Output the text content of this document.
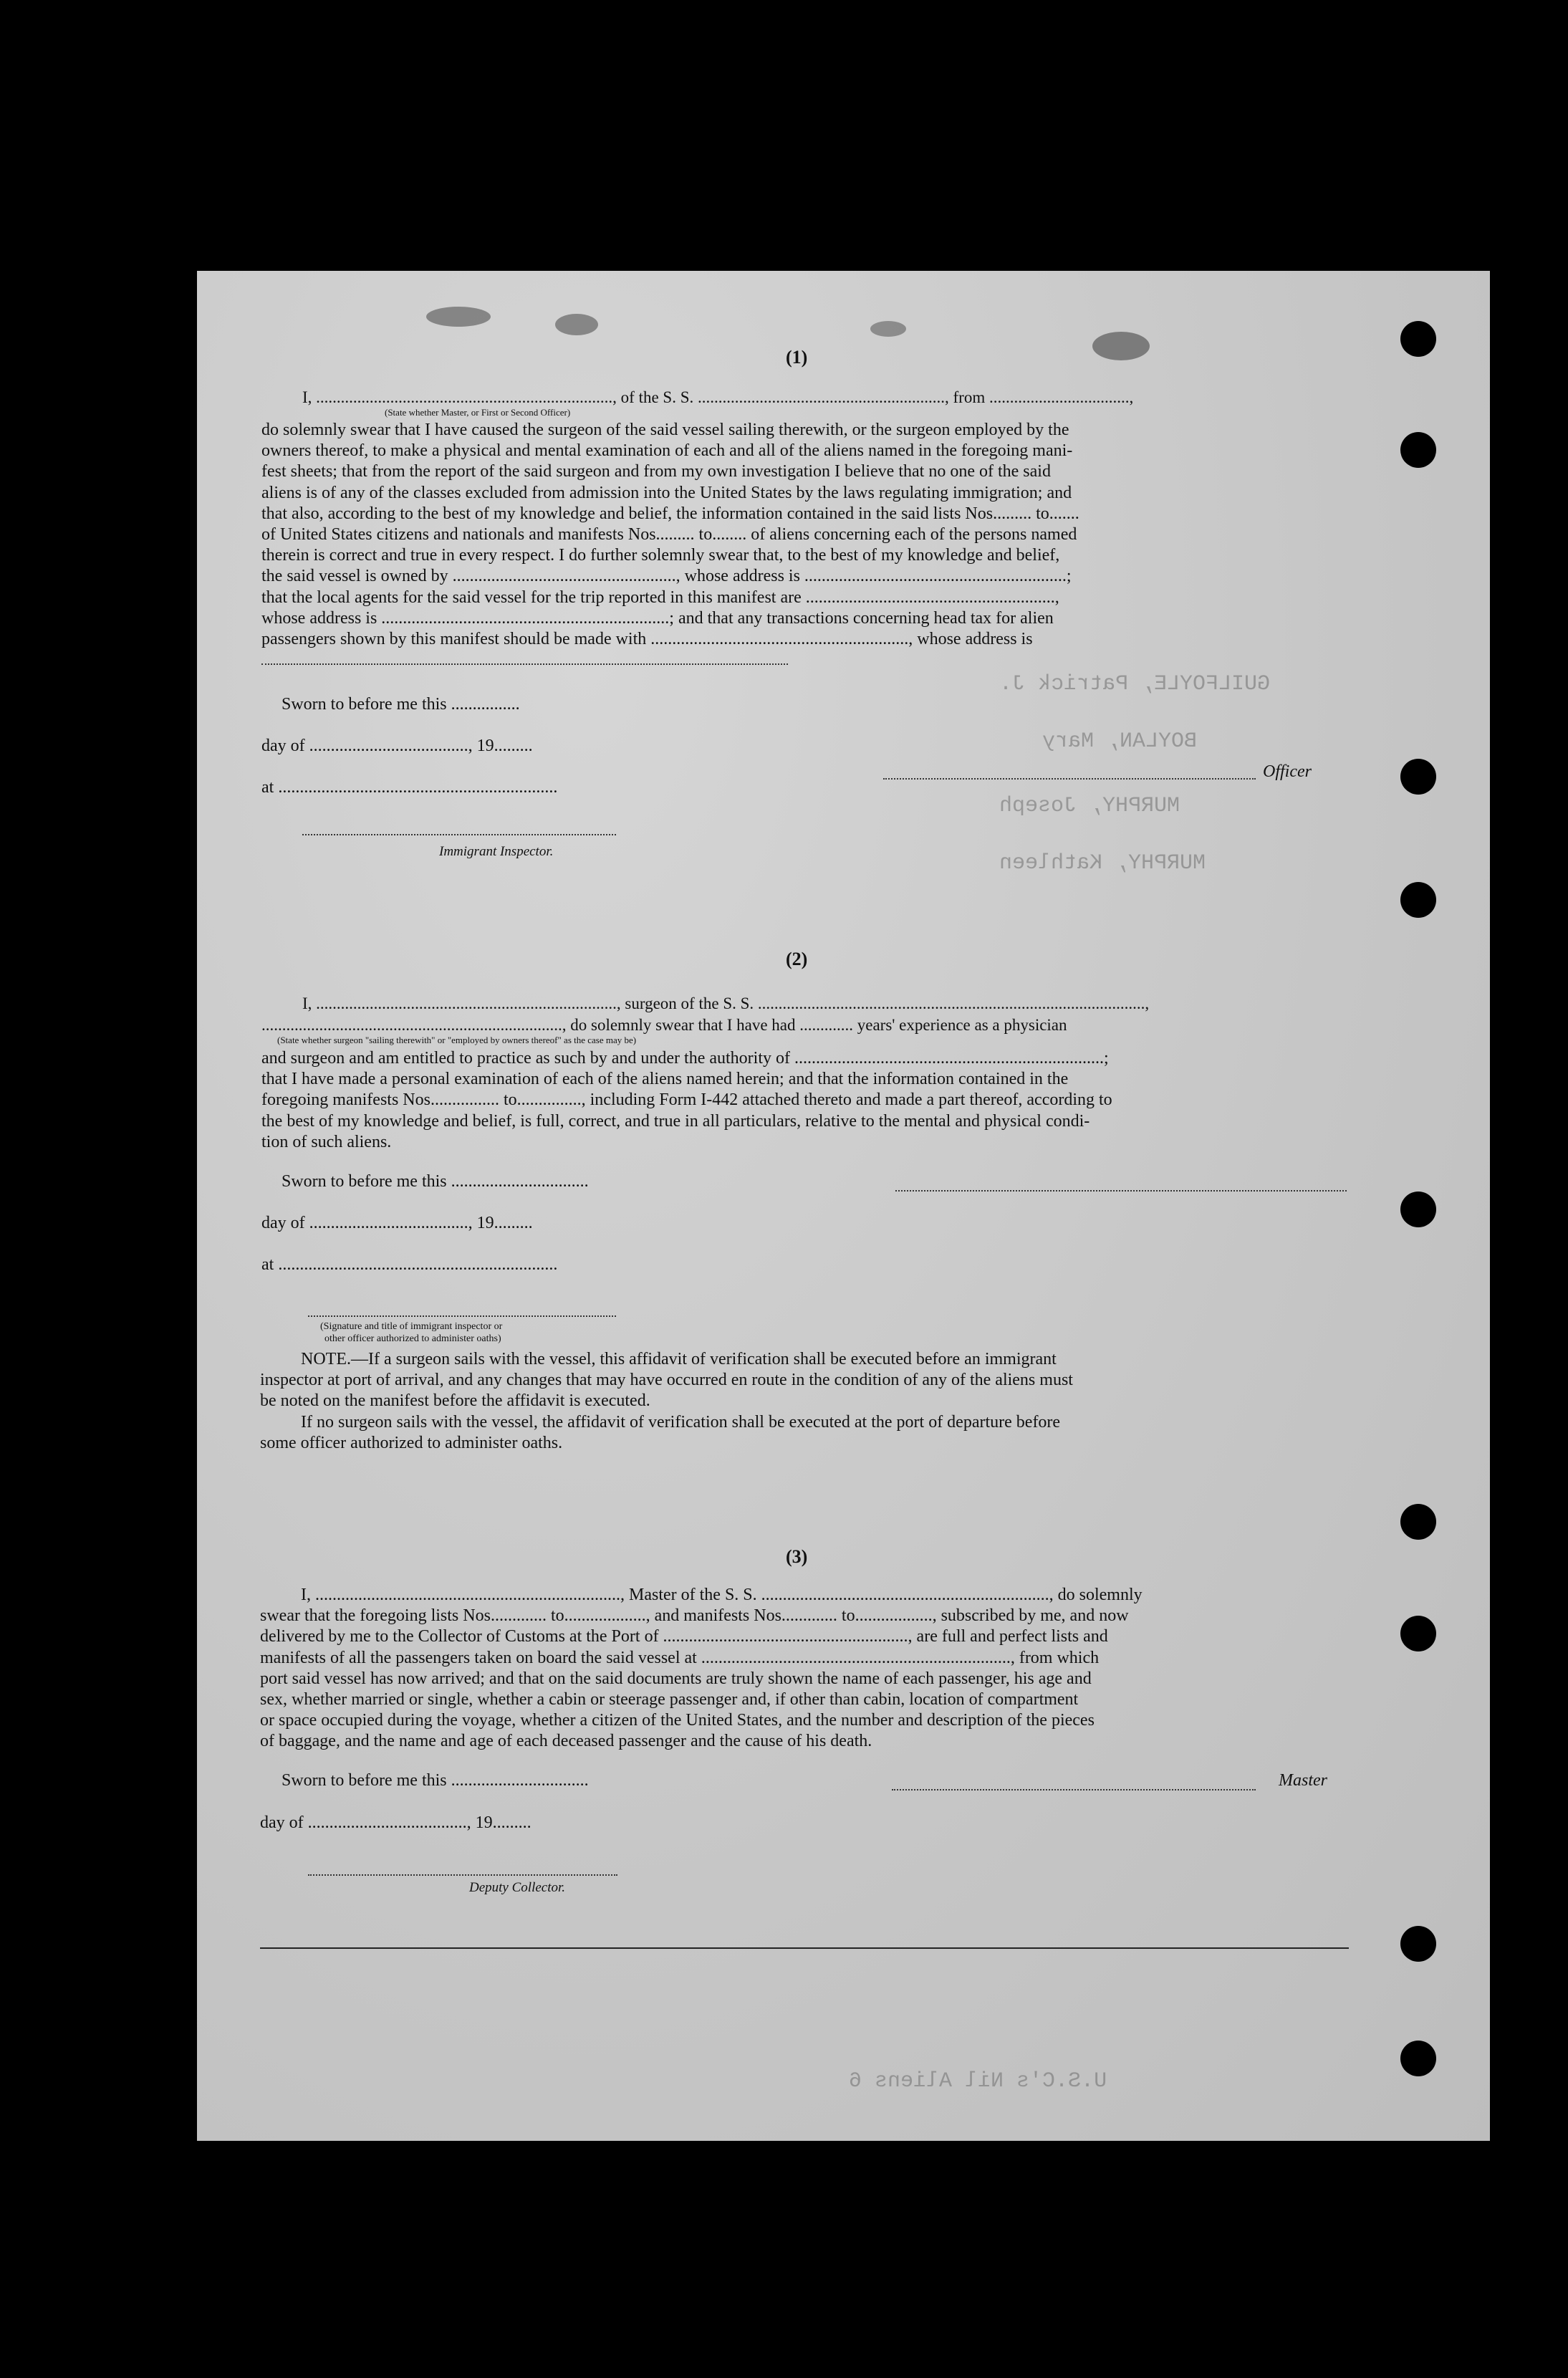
GUILFOYLE, Patrick J.
BOYLAN, Mary
MURPHY, Joseph
MURPHY, Kathleen
U.S.C's Nil Aliens 6
(1)
I, ........................................................................, of the S. S. ............................................................, from ..................................,
(State whether Master, or First or Second Officer)
do solemnly swear that I have caused the surgeon of the said vessel sailing therewith, or the surgeon employed by the
owners thereof, to make a physical and mental examination of each and all of the aliens named in the foregoing mani-
fest sheets; that from the report of the said surgeon and from my own investigation I believe that no one of the said
aliens is of any of the classes excluded from admission into the United States by the laws regulating immigration; and
that also, according to the best of my knowledge and belief, the information contained in the said lists Nos......... to.......
of United States citizens and nationals and manifests Nos......... to........ of aliens concerning each of the persons named
therein is correct and true in every respect. I do further solemnly swear that, to the best of my knowledge and belief,
the said vessel is owned by ...................................................., whose address is .............................................................;
that the local agents for the said vessel for the trip reported in this manifest are ..........................................................,
whose address is ...................................................................; and that any transactions concerning head tax for alien
passengers shown by this manifest should be made with ............................................................, whose address is
Sworn to before me this ................
day of ....................................., 19.........
at .................................................................
Immigrant Inspector.
Officer
(2)
I, ........................................................................., surgeon of the S. S. ..............................................................................................,
........................................................................., do solemnly swear that I have had ............. years' experience as a physician
(State whether surgeon "sailing therewith" or "employed by owners thereof" as the case may be)
and surgeon and am entitled to practice as such by and under the authority of ........................................................................;
that I have made a personal examination of each of the aliens named herein; and that the information contained in the
foregoing manifests Nos................ to..............., including Form I-442 attached thereto and made a part thereof, according to
the best of my knowledge and belief, is full, correct, and true in all particulars, relative to the mental and physical condi-
tion of such aliens.
Sworn to before me this ................................
day of ....................................., 19.........
at .................................................................
(Signature and title of immigrant inspector or
other officer authorized to administer oaths)
NOTE.—If a surgeon sails with the vessel, this affidavit of verification shall be executed before an immigrant
inspector at port of arrival, and any changes that may have occurred en route in the condition of any of the aliens must
be noted on the manifest before the affidavit is executed.
If no surgeon sails with the vessel, the affidavit of verification shall be executed at the port of departure before
some officer authorized to administer oaths.
(3)
I, ......................................................................., Master of the S. S. ..................................................................., do solemnly
swear that the foregoing lists Nos............. to..................., and manifests Nos............. to.................., subscribed by me, and now
delivered by me to the Collector of Customs at the Port of ........................................................., are full and perfect lists and
manifests of all the passengers taken on board the said vessel at ........................................................................, from which
port said vessel has now arrived; and that on the said documents are truly shown the name of each passenger, his age and
sex, whether married or single, whether a cabin or steerage passenger and, if other than cabin, location of compartment
or space occupied during the voyage, whether a citizen of the United States, and the number and description of the pieces
of baggage, and the name and age of each deceased passenger and the cause of his death.
Sworn to before me this ................................	Master
day of ....................................., 19.........
Deputy Collector.
